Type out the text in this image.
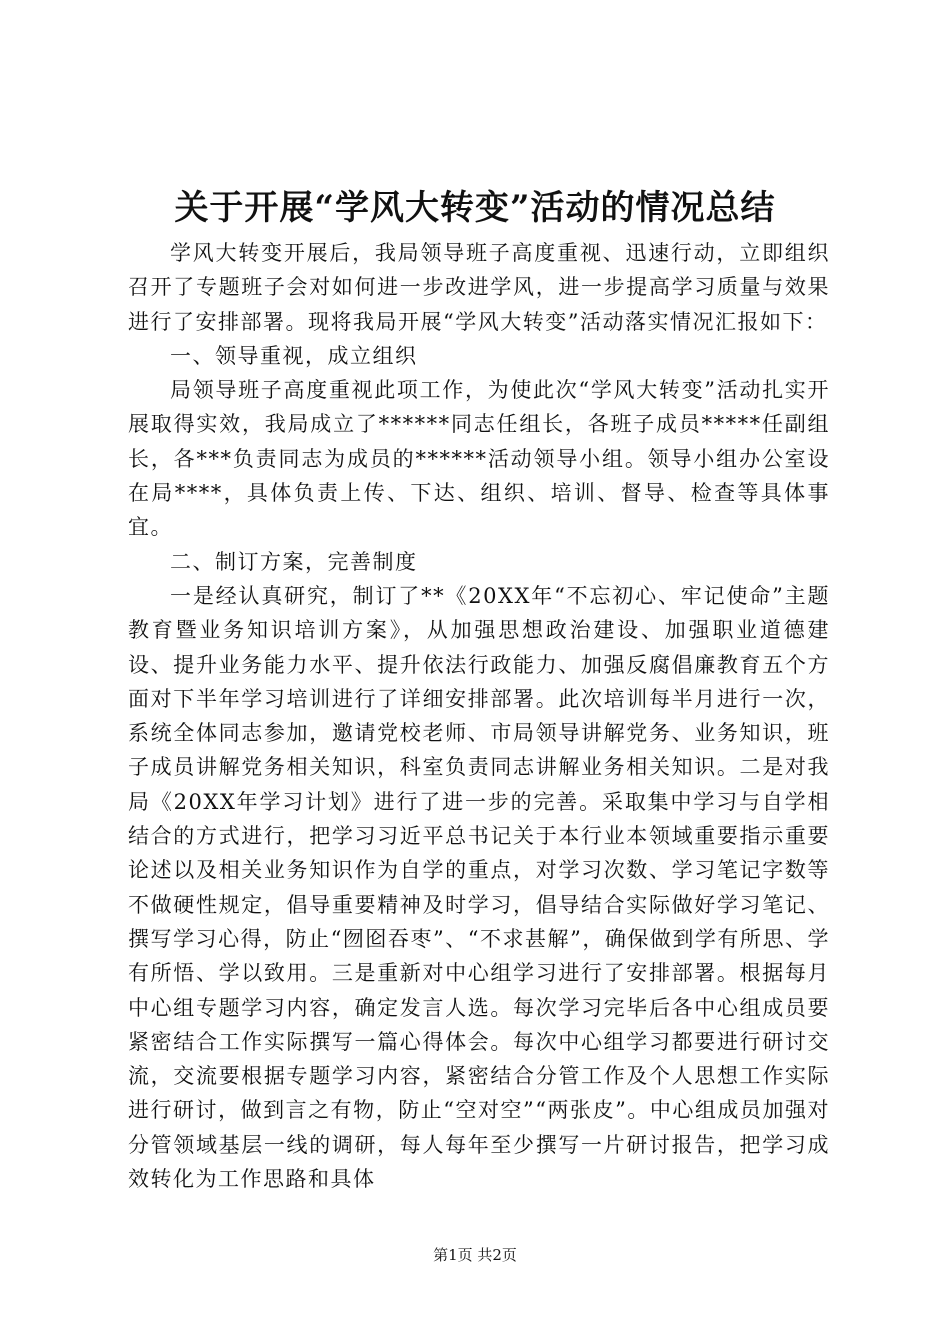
关于开展“学风大转变”活动的情况总结

学风大转变开展后，我局领导班子高度重视、迅速行动，立即组织召开了专题班子会对如何进一步改进学风，进一步提高学习质量与效果进行了安排部署。现将我局开展“学风大转变”活动落实情况汇报如下：

一、领导重视，成立组织

局领导班子高度重视此项工作，为使此次“学风大转变”活动扎实开展取得实效，我局成立了******同志任组长，各班子成员*****任副组长，各***负责同志为成员的******活动领导小组。领导小组办公室设在局****，具体负责上传、下达、组织、培训、督导、检查等具体事宜。

二、制订方案，完善制度

一是经认真研究，制订了**《20XX年“不忘初心、牢记使命”主题教育暨业务知识培训方案》，从加强思想政治建设、加强职业道德建设、提升业务能力水平、提升依法行政能力、加强反腐倡廉教育五个方面对下半年学习培训进行了详细安排部署。此次培训每半月进行一次，系统全体同志参加，邀请党校老师、市局领导讲解党务、业务知识，班子成员讲解党务相关知识，科室负责同志讲解业务相关知识。二是对我局《20XX年学习计划》进行了进一步的完善。采取集中学习与自学相结合的方式进行，把学习习近平总书记关于本行业本领域重要指示重要论述以及相关业务知识作为自学的重点，对学习次数、学习笔记字数等不做硬性规定，倡导重要精神及时学习，倡导结合实际做好学习笔记、撰写学习心得，防止“囫囵吞枣”、“不求甚解”，确保做到学有所思、学有所悟、学以致用。三是重新对中心组学习进行了安排部署。根据每月中心组专题学习内容，确定发言人选。每次学习完毕后各中心组成员要紧密结合工作实际撰写一篇心得体会。每次中心组学习都要进行研讨交流，交流要根据专题学习内容，紧密结合分管工作及个人思想工作实际进行研讨，做到言之有物，防止“空对空”“两张皮”。中心组成员加强对分管领域基层一线的调研，每人每年至少撰写一片研讨报告，把学习成效转化为工作思路和具体

第1页 共2页
